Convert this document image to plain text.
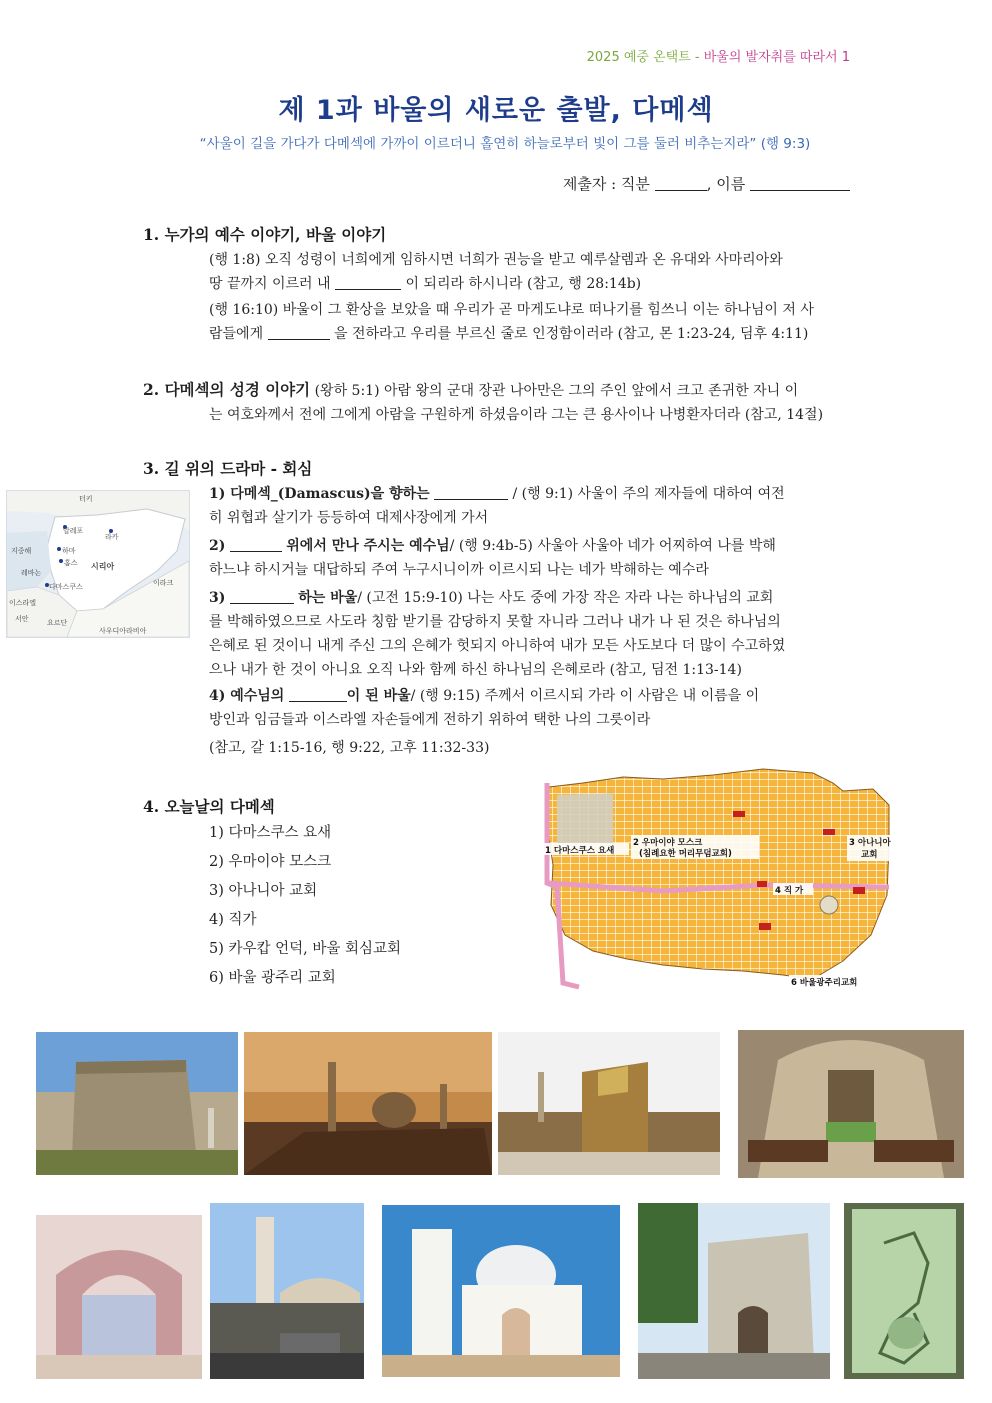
2025 예중 온택트 - 바울의 발자취를 따라서 1
제 1과 바울의 새로운 출발, 다메섹
“사울이 길을 가다가 다메섹에 가까이 이르더니 홀연히 하늘로부터 빛이 그를 둘러 비추는지라” (행 9:3)
제출자 : 직분	, 이름
1. 누가의 예수 이야기, 바울 이야기
(행 1:8) 오직 성령이 너희에게 임하시면 너희가 권능을 받고 예루살렘과 온 유대와 사마리아와
땅 끝까지 이르러 내	이 되리라 하시니라 (참고, 행 28:14b)
(행 16:10) 바울이 그 환상을 보았을 때 우리가 곧 마게도냐로 떠나기를 힘쓰니 이는 하나님이 저 사
람들에게	을 전하라고 우리를 부르신 줄로 인정함이러라 (참고, 몬 1:23-24, 딤후 4:11)
2. 다메섹의 성경 이야기 (왕하 5:1) 아람 왕의 군대 장관 나아만은 그의 주인 앞에서 크고 존귀한 자니 이
는 여호와께서 전에 그에게 아람을 구원하게 하셨음이라 그는 큰 용사이나 나병환자더라 (참고, 14절)
3. 길 위의 드라마 - 회심
1) 다메섹_(Damascus)을 향하는	/ (행 9:1) 사울이 주의 제자들에 대하여 여전
히 위협과 살기가 등등하여 대제사장에게 가서
2)	위에서 만나 주시는 예수님/ (행 9:4b-5) 사울아 사울아 네가 어찌하여 나를 박해
하느냐 하시거늘 대답하되 주여 누구시니이까 이르시되 나는 네가 박해하는 예수라
3)	하는 바울/ (고전 15:9-10) 나는 사도 중에 가장 작은 자라 나는 하나님의 교회
를 박해하였으므로 사도라 칭함 받기를 감당하지 못할 자니라 그러나 내가 나 된 것은 하나님의
은혜로 된 것이니 내게 주신 그의 은혜가 헛되지 아니하여 내가 모든 사도보다 더 많이 수고하였
으나 내가 한 것이 아니요 오직 나와 함께 하신 하나님의 은혜로라 (참고, 딤전 1:13-14)
4) 예수님의	이 된 바울/ (행 9:15) 주께서 이르시되 가라 이 사람은 내 이름을 이
방인과 임금들과 이스라엘 자손들에게 전하기 위하여 택한 나의 그릇이라
(참고, 갈 1:15-16, 행 9:22, 고후 11:32-33)
터키
알레포
라카
지중해	하마
홈스 시리아
레바논
다마스쿠스	이라크
이스라엘
서안	요르단
사우디아라비아
4. 오늘날의 다메섹
1) 다마스쿠스 요새
2) 우마이야 모스크
3) 아나니아 교회
4) 직가
5) 카우캅 언덕, 바울 회심교회
6) 바울 광주리 교회
1 다마스쿠스 요새
2 우마이야 모스크
(침례요한 머리무덤교회)
3 아나니아
교회
4 직 가
6 바울광주리교회
